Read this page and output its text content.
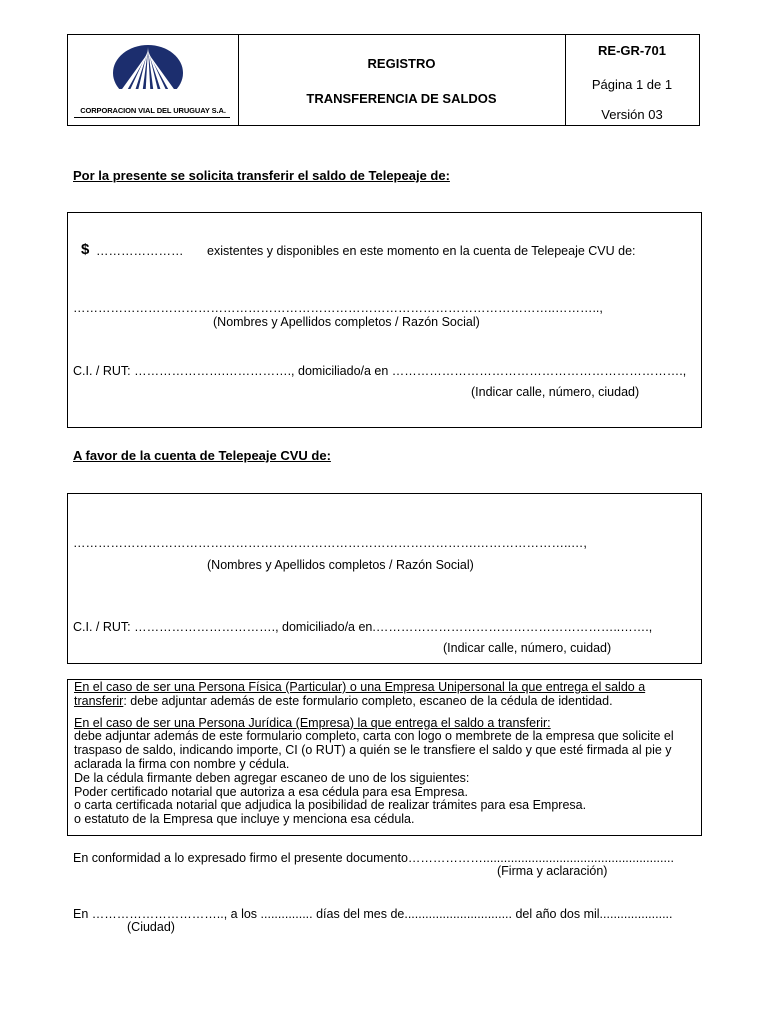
CORPORACION VIAL DEL URUGUAY S.A.
REGISTRO
TRANSFERENCIA DE SALDOS
RE-GR-701
Página 1 de 1
Versión 03
Por la presente se solicita transferir el saldo de Telepeaje de:
$ ………………… existentes y disponibles en este momento en la cuenta de Telepeaje CVU de:
……………………………………………………………………………………………………..………..,
(Nombres y Apellidos completos / Razón Social)
C.I. / RUT: ………………….……………., domiciliado/a en …………………………………………………………….,
(Indicar calle, número, ciudad)
A favor de la cuenta de Telepeaje CVU de:
…………………………………………………………………………………….…………………..…,
(Nombres y Apellidos completos / Razón Social)
C.I. / RUT: ……………………………., domiciliado/a en.…………………………………………………..…….,
(Indicar calle, número, cuidad)

En el caso de ser una Persona Física (Particular) o una Empresa Unipersonal la que entrega el saldo a

transferir: debe adjuntar además de este formulario completo, escaneo de la cédula de identidad.

En el caso de ser una Persona Jurídica (Empresa) la que entrega el saldo a transferir:

debe adjuntar además de este formulario completo, carta con logo o membrete de la empresa que solicite el

traspaso de saldo, indicando importe, CI (o RUT) a quién se le transfiere el saldo y que esté firmada al pie y

aclarada la firma con nombre y cédula.

De la cédula firmante deben agregar escaneo de uno de los siguientes:

Poder certificado notarial que autoriza a esa cédula para esa Empresa.

o carta certificada notarial que adjudica la posibilidad de realizar trámites para esa Empresa.

o estatuto de la Empresa que incluye y menciona esa cédula.

En conformidad a lo expresado firmo el presente documento……………….......................................................
(Firma y aclaración)
En ………………………….., a los ............... días del mes de............................... del año dos mil.....................
(Ciudad)
